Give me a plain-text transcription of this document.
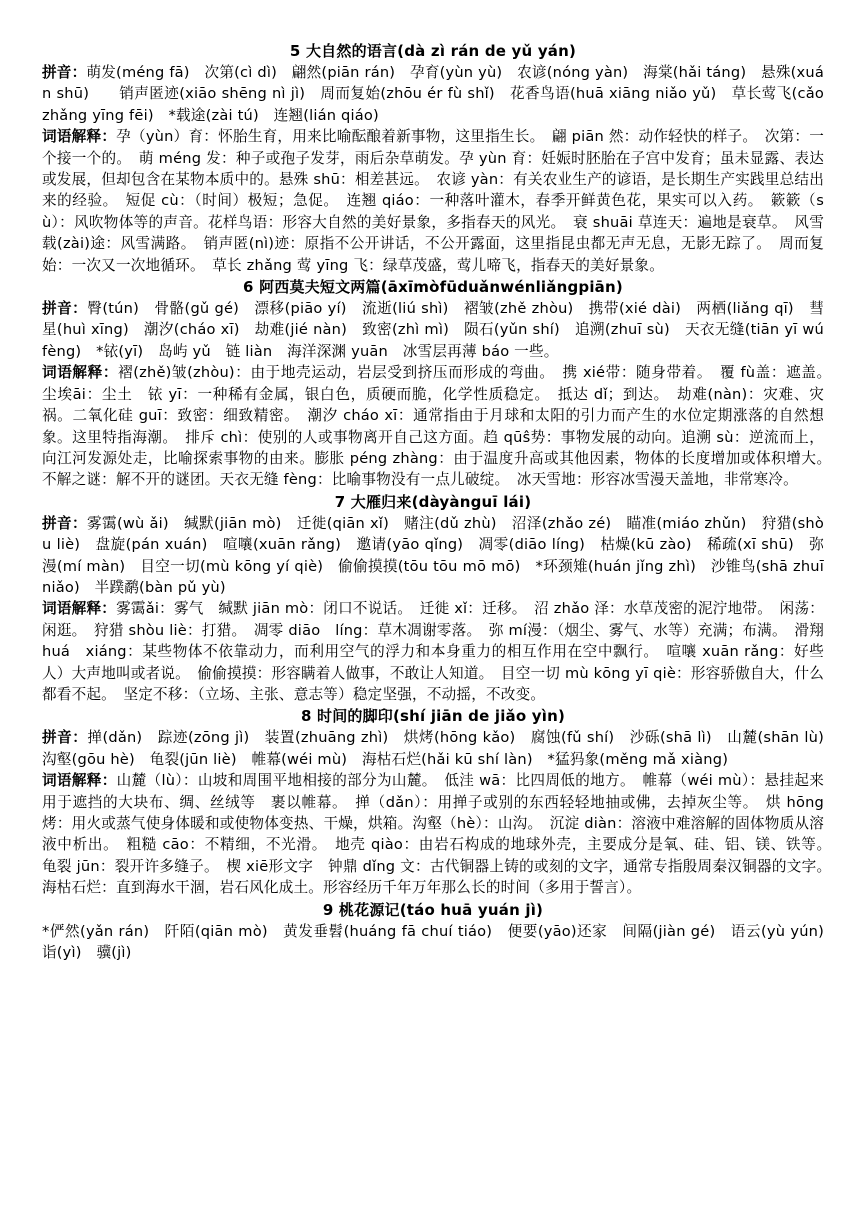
5 大自然的语言(dà zì rán de yǔ yán)
拼音：萌发(méng fā)　次第(cì dì)　翩然(piān rán)　孕育(yùn yù)　农谚(nóng yàn)　海棠(hǎi táng)　悬殊(xuán shū)　　销声匿迹(xiāo shēng nì jì)　周而复始(zhōu ér fù shǐ)　花香鸟语(huā xiāng niǎo yǔ)　草长莺飞(cǎo zhǎng yīng fēi)　*载途(zài tú)　连翘(lián qiáo)
词语解释：孕（yùn）育：怀胎生育，用来比喻酝酿着新事物，这里指生长。　翩 piān 然：动作轻快的样子。　次第：一个接一个的。　萌 méng 发：种子或孢子发芽，雨后杂草萌发。孕 yùn 育：妊娠时胚胎在子宫中发育；虽未显露、表达或发展，但却包含在某物本质中的。悬殊 shū：相差甚远。　农谚 yàn：有关农业生产的谚语，是长期生产实践里总结出来的经验。　短促 cù：（时间）极短；急促。　连翘 qiáo：一种落叶灌木，春季开鲜黄色花，果实可以入药。　簌簌（sù）：风吹物体等的声音。花样鸟语：形容大自然的美好景象，多指春天的风光。　衰 shuāi 草连天：遍地是衰草。　风雪载(zài)途：风雪满路。　销声匿(nì)迹：原指不公开讲话，不公开露面，这里指昆虫都无声无息，无影无踪了。　周而复始：一次又一次地循环。　草长 zhǎng 莺 yīng 飞：绿草茂盛，莺儿啼飞，指春天的美好景象。
6 阿西莫夫短文两篇(āxīmòfūduǎnwénliǎngpiān)
拼音：臀(tún)　骨骼(gǔ gé)　漂移(piāo yí)　流逝(liú shì)　褶皱(zhě zhòu)　携带(xié dài)　两栖(liǎng qī)　彗星(huì xīng)　潮汐(cháo xī)　劫难(jié nàn)　致密(zhì mì)　陨石(yǔn shí)　追溯(zhuī sù)　天衣无缝(tiān yī wú fèng)　*铱(yī)　岛屿 yǔ　链 liàn　海洋深渊 yuān　冰雪层再薄 báo 一些。
词语解释：褶(zhě)皱(zhòu)：由于地壳运动，岩层受到挤压而形成的弯曲。　携 xié带：随身带着。　覆 fù盖：遮盖。　尘埃āi：尘土　铱 yī：一种稀有金属，银白色，质硬而脆，化学性质稳定。　抵达 dǐ；到达。　劫难(nàn)：灾难、灾祸。二氧化硅 guī：致密：细致精密。　潮汐 cháo xī：通常指由于月球和太阳的引力而产生的水位定期涨落的自然想象。这里特指海潮。　排斥 chì：使别的人或事物离开自己这方面。趋 qūŝ势：事物发展的动向。追溯 sù：逆流而上，向江河发源处走，比喻探索事物的由来。膨胀 péng zhàng：由于温度升高或其他因素，物体的长度增加或体积增大。　不解之谜：解不开的谜团。天衣无缝 fèng：比喻事物没有一点儿破绽。　冰天雪地：形容冰雪漫天盖地，非常寒冷。
7 大雁归来(dàyànguī lái)
拼音：雾霭(wù ǎi)　缄默(jiān mò)　迁徙(qiān xǐ)　赌注(dǔ zhù)　沼泽(zhǎo zé)　瞄准(miáo zhǔn)　狩猎(shòu liè)　盘旋(pán xuán)　喧嚷(xuān rǎng)　邀请(yāo qǐng)　凋零(diāo líng)　枯燥(kū zào)　稀疏(xī shū)　弥漫(mí màn)　目空一切(mù kōng yí qiè)　偷偷摸摸(tōu tōu mō mō)　*环颈雉(huán jǐng zhì)　沙锥鸟(shā zhuī niǎo)　半蹼鹬(bàn pǔ yù)
词语解释：雾霭ǎi：雾气　缄默 jiān mò：闭口不说话。　迁徙 xǐ：迁移。　沼 zhǎo 泽：水草茂密的泥泞地带。　闲荡：闲逛。　狩猎 shòu liè：打猎。　凋零 diāo　líng：草木凋谢零落。　弥 mí漫：（烟尘、雾气、水等）充满；布满。　滑翔 huá　xiáng：某些物体不依靠动力，而利用空气的浮力和本身重力的相互作用在空中飘行。　喧嚷 xuān rǎng：好些人）大声地叫或者说。　偷偷摸摸：形容瞒着人做事，不敢让人知道。　目空一切 mù kōng yī qiè：形容骄傲自大，什么都看不起。　坚定不移：（立场、主张、意志等）稳定坚强，不动摇，不改变。
8 时间的脚印(shí jiān de jiǎo yìn)
拼音：掸(dǎn)　踪迹(zōng jì)　装置(zhuāng zhì)　烘烤(hōng kǎo)　腐蚀(fǔ shí)　沙砾(shā lì)　山麓(shān lù)　沟壑(gōu hè)　龟裂(jūn liè)　帷幕(wéi mù)　海枯石烂(hǎi kū shí làn)　*猛犸象(měng mǎ xiàng)
词语解释：山麓（lù）：山坡和周围平地相接的部分为山麓。　低洼 wā：比四周低的地方。　帷幕（wéi mù）：悬挂起来用于遮挡的大块布、绸、丝绒等　裹以帷幕。　掸（dǎn）：用掸子或别的东西轻轻地抽或佛，去掉灰尘等。　烘 hōng 烤：用火或蒸气使身体暖和或使物体变热、干燥，烘箱。沟壑（hè）：山沟。　沉淀 diàn：溶液中难溶解的固体物质从溶液中析出。　粗糙 cāo：不精细，不光滑。　地壳 qiào：由岩石构成的地球外壳，主要成分是氧、硅、铝、镁、铁等。　龟裂 jūn：裂开许多缝子。　楔 xiē形文字　钟鼎 dǐng 文：古代铜器上铸的或刻的文字，通常专指殷周秦汉铜器的文字。　海枯石烂：直到海水干涸，岩石风化成土。形容经历千年万年那么长的时间（多用于誓言）。
9 桃花源记(táo huā yuán jì)
*俨然(yǎn rán)　阡陌(qiān mò)　黄发垂髫(huáng fā chuí tiáo)　便要(yāo)还家　间隔(jiàn gé)　语云(yù yún)　诣(yì)　骥(jì)
